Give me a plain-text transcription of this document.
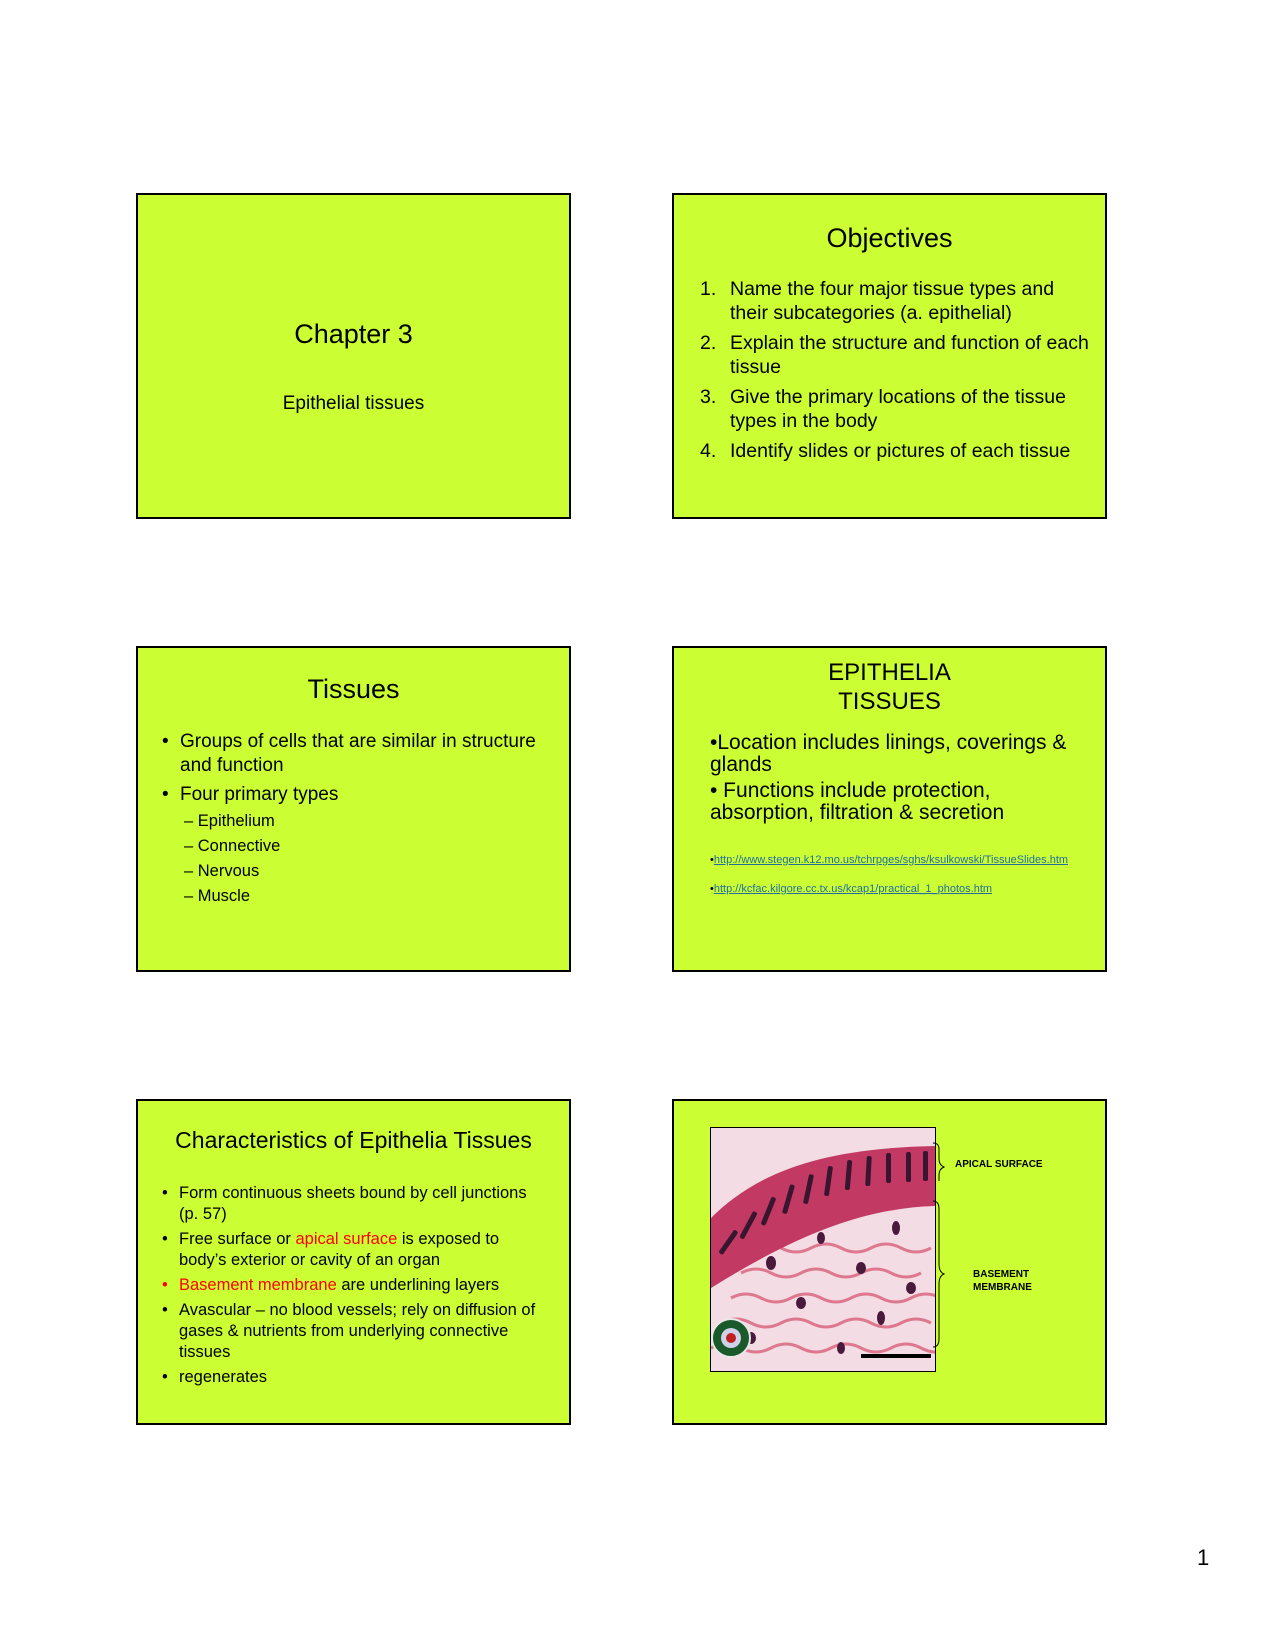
Chapter 3
Epithelial tissues
Objectives
1. Name the four major tissue types and their subcategories (a. epithelial)
2. Explain the structure and function of each tissue
3. Give the primary locations of the tissue types in the body
4. Identify slides or pictures of each tissue
Tissues
• Groups of cells that are similar in structure and function
• Four primary types
– Epithelium
– Connective
– Nervous
– Muscle
EPITHELIA
TISSUES

•Location includes linings, coverings & glands

• Functions include protection, absorption, filtration & secretion

•http://www.stegen.k12.mo.us/tchrpges/sghs/ksulkowski/TissueSlides.htm

•http://kcfac.kilgore.cc.tx.us/kcap1/practical_1_photos.htm

Characteristics of Epithelia Tissues
• Form continuous sheets bound by cell junctions (p. 57)
• Free surface or apical surface is exposed to body’s exterior or cavity of an organ
• Basement membrane are underlining layers
• Avascular – no blood vessels; rely on diffusion of gases & nutrients from underlying connective tissues
• regenerates
APICAL SURFACE
BASEMENT
MEMBRANE
1
